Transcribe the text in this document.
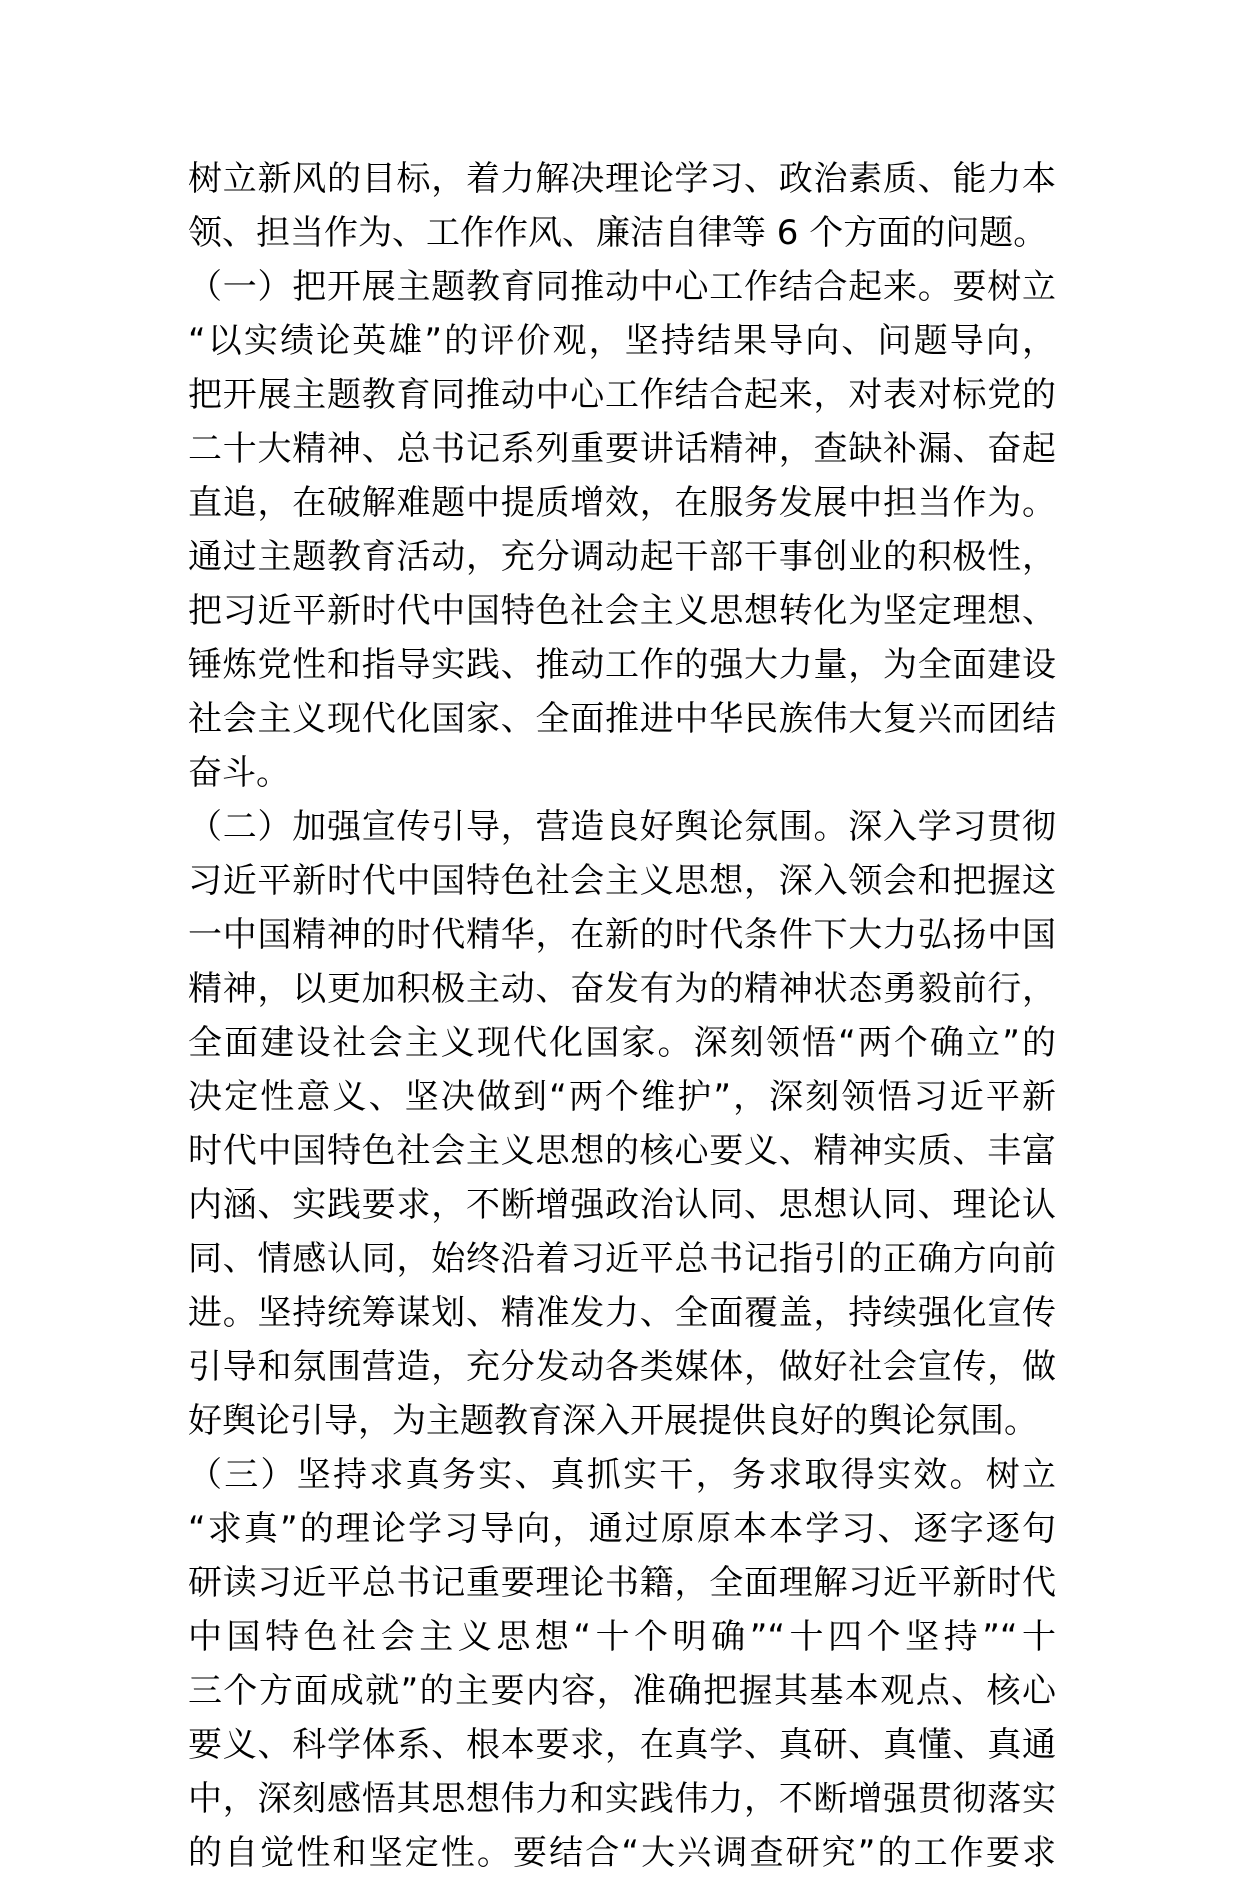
树立新风的目标，着力解决理论学习、政治素质、能力本
领、担当作为、工作作风、廉洁自律等 6 个方面的问题。
（一）把开展主题教育同推动中心工作结合起来。要树立
“以实绩论英雄”的评价观，坚持结果导向、问题导向，
把开展主题教育同推动中心工作结合起来，对表对标党的
二十大精神、总书记系列重要讲话精神，查缺补漏、奋起
直追，在破解难题中提质增效，在服务发展中担当作为。
通过主题教育活动，充分调动起干部干事创业的积极性，
把习近平新时代中国特色社会主义思想转化为坚定理想、
锤炼党性和指导实践、推动工作的强大力量，为全面建设
社会主义现代化国家、全面推进中华民族伟大复兴而团结
奋斗。
（二）加强宣传引导，营造良好舆论氛围。深入学习贯彻
习近平新时代中国特色社会主义思想，深入领会和把握这
一中国精神的时代精华，在新的时代条件下大力弘扬中国
精神，以更加积极主动、奋发有为的精神状态勇毅前行，
全面建设社会主义现代化国家。深刻领悟“两个确立”的
决定性意义、坚决做到“两个维护”，深刻领悟习近平新
时代中国特色社会主义思想的核心要义、精神实质、丰富
内涵、实践要求，不断增强政治认同、思想认同、理论认
同、情感认同，始终沿着习近平总书记指引的正确方向前
进。坚持统筹谋划、精准发力、全面覆盖，持续强化宣传
引导和氛围营造，充分发动各类媒体，做好社会宣传，做
好舆论引导，为主题教育深入开展提供良好的舆论氛围。
（三）坚持求真务实、真抓实干，务求取得实效。树立
“求真”的理论学习导向，通过原原本本学习、逐字逐句
研读习近平总书记重要理论书籍，全面理解习近平新时代
中国特色社会主义思想“十个明确”“十四个坚持”“十
三个方面成就”的主要内容，准确把握其基本观点、核心
要义、科学体系、根本要求，在真学、真研、真懂、真通
中，深刻感悟其思想伟力和实践伟力，不断增强贯彻落实
的自觉性和坚定性。要结合“大兴调查研究”的工作要求
